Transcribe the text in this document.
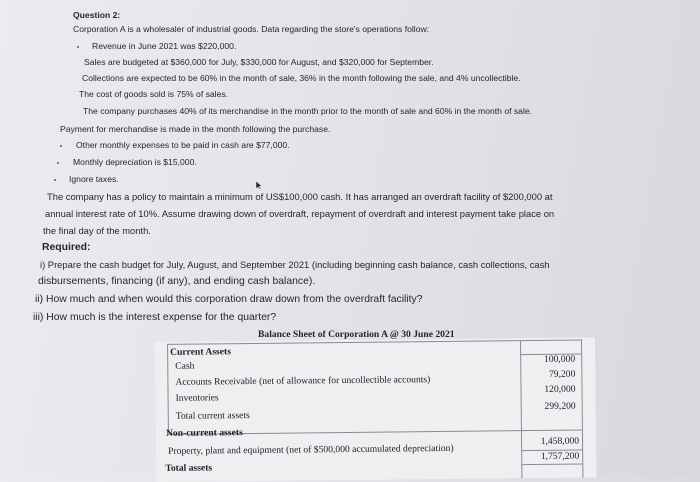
Question 2:
Corporation A is a wholesaler of industrial goods. Data regarding the store's operations follow:
Revenue in June 2021 was $220,000.
Sales are budgeted at $360,000 for July, $330,000 for August, and $320,000 for September.
Collections are expected to be 60% in the month of sale, 36% in the month following the sale, and 4% uncollectible.
The cost of goods sold is 75% of sales.
The company purchases 40% of its merchandise in the month prior to the month of sale and 60% in the month of sale.
Payment for merchandise is made in the month following the purchase.
Other monthly expenses to be paid in cash are $77,000.
Monthly depreciation is $15,000.
Ignore taxes.
The company has a policy to maintain a minimum of US$100,000 cash. It has arranged an overdraft facility of $200,000 at
annual interest rate of 10%. Assume drawing down of overdraft, repayment of overdraft and interest payment take place on
the final day of the month.
Required:
i) Prepare the cash budget for July, August, and September 2021 (including beginning cash balance, cash collections, cash
disbursements, financing (if any), and ending cash balance).
ii) How much and when would this corporation draw down from the overdraft facility?
iii) How much is the interest expense for the quarter?
Balance Sheet of Corporation A @ 30 June 2021
Current Assets
Cash
100,000
Accounts Receivable (net of allowance for uncollectible accounts)	79,200
Inventories
120,000
Total current assets
299,200
Non-current assets
Property, plant and equipment (net of $500,000 accumulated depreciation)
1,458,000
Total assets
1,757,200
